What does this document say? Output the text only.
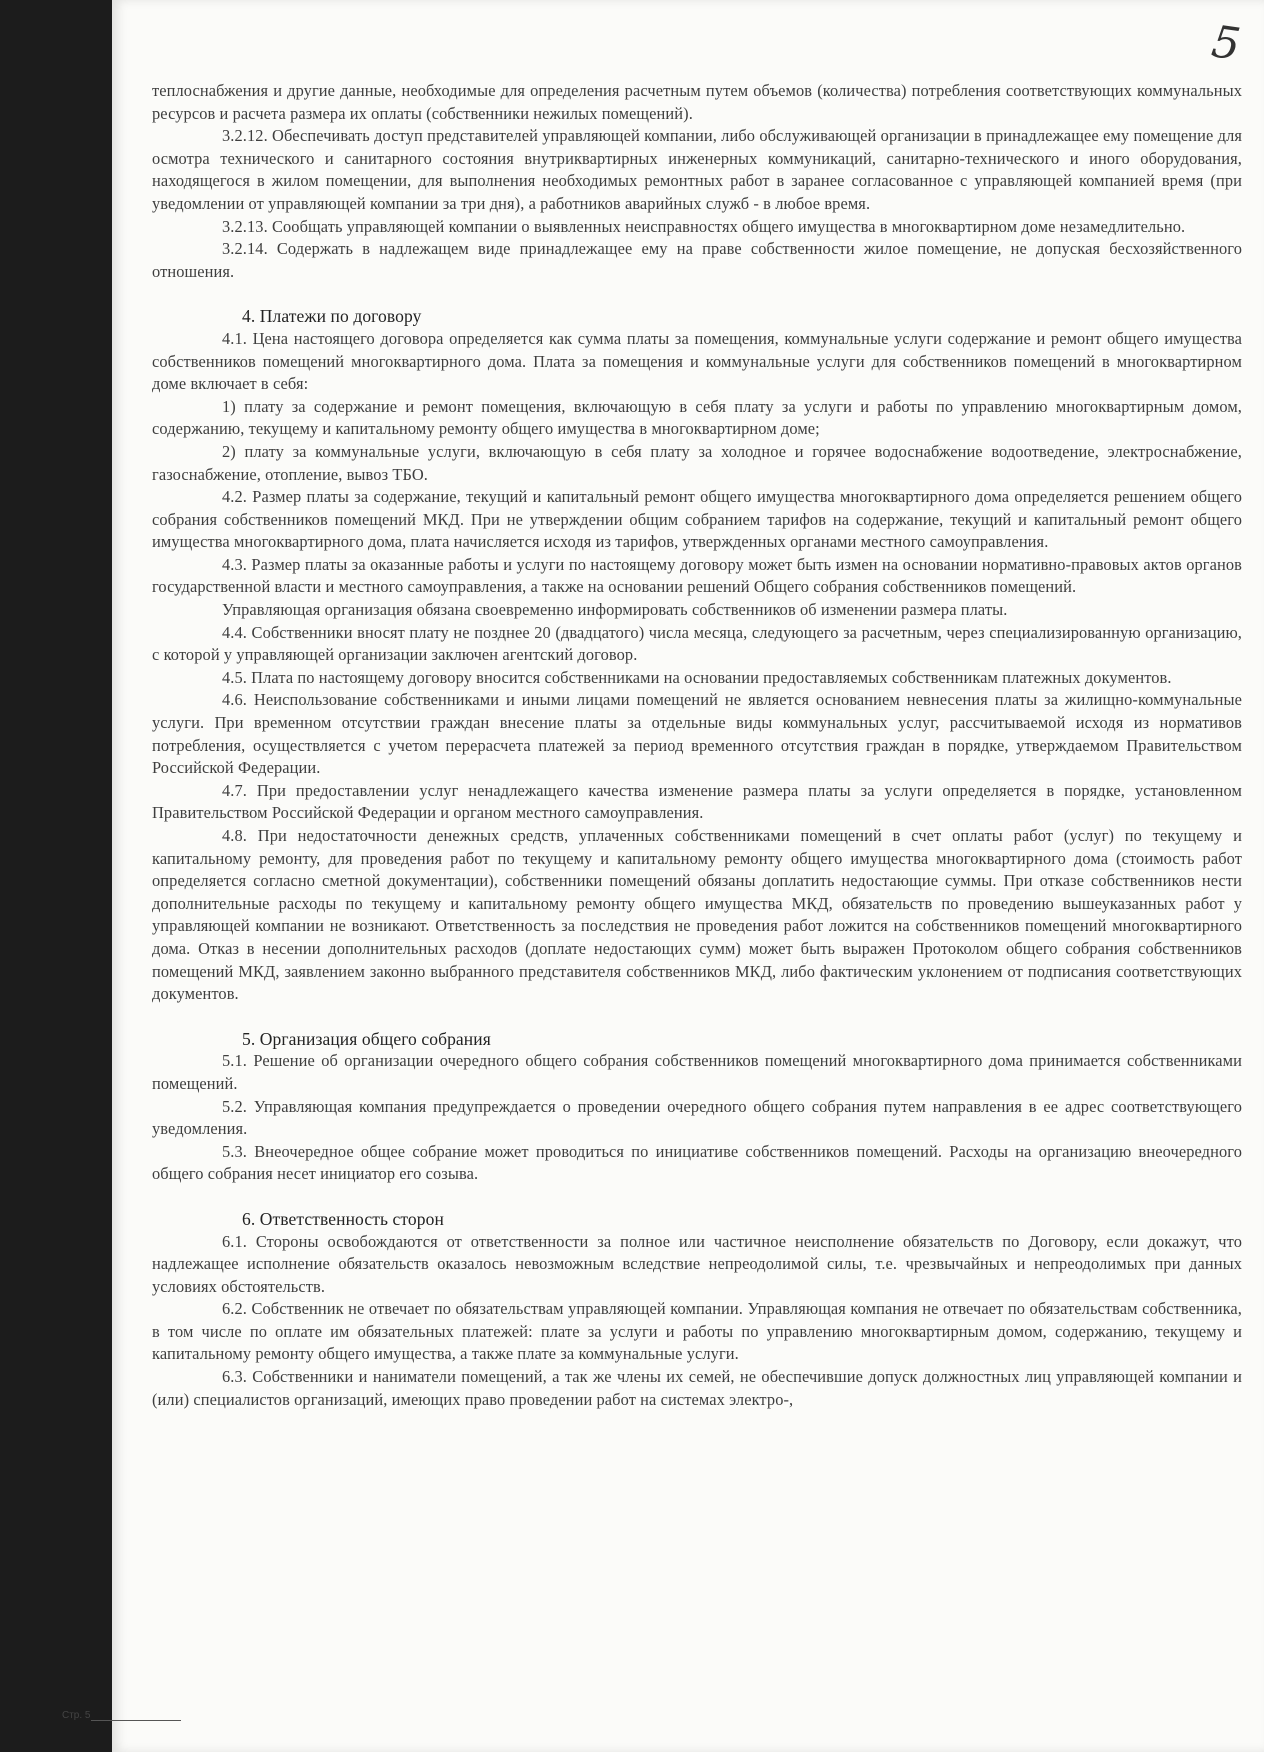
5

теплоснабжения и другие данные, необходимые для определения расчетным путем объемов (количества) потребления соответствующих коммунальных ресурсов и расчета размера их оплаты (собственники нежилых помещений).

3.2.12. Обеспечивать доступ представителей управляющей компании, либо обслуживающей организации в принадлежащее ему помещение для осмотра технического и санитарного состояния внутриквартирных инженерных коммуникаций, санитарно-технического и иного оборудования, находящегося в жилом помещении, для выполнения необходимых ремонтных работ в заранее согласованное с управляющей компанией время (при уведомлении от управляющей компании за три дня), а работников аварийных служб - в любое время.

3.2.13. Сообщать управляющей компании о выявленных неисправностях общего имущества в многоквартирном доме незамедлительно.

3.2.14. Содержать в надлежащем виде принадлежащее ему на праве собственности жилое помещение, не допуская бесхозяйственного отношения.

4. Платежи по договору

4.1. Цена настоящего договора определяется как сумма платы за помещения, коммунальные услуги содержание и ремонт общего имущества собственников помещений многоквартирного дома. Плата за помещения и коммунальные услуги для собственников помещений в многоквартирном доме включает в себя:

1) плату за содержание и ремонт помещения, включающую в себя плату за услуги и работы по управлению многоквартирным домом, содержанию, текущему и капитальному ремонту общего имущества в многоквартирном доме;

2) плату за коммунальные услуги, включающую в себя плату за холодное и горячее водоснабжение водоотведение, электроснабжение, газоснабжение, отопление, вывоз ТБО.

4.2. Размер платы за содержание, текущий и капитальный ремонт общего имущества многоквартирного дома определяется решением общего собрания собственников помещений МКД. При не утверждении общим собранием тарифов на содержание, текущий и капитальный ремонт общего имущества многоквартирного дома, плата начисляется исходя из тарифов, утвержденных органами местного самоуправления.

4.3. Размер платы за оказанные работы и услуги по настоящему договору может быть измен на основании нормативно-правовых актов органов государственной власти и местного самоуправления, а также на основании решений Общего собрания собственников помещений.

Управляющая организация обязана своевременно информировать собственников об изменении размера платы.

4.4. Собственники вносят плату не позднее 20 (двадцатого) числа месяца, следующего за расчетным, через специализированную организацию, с которой у управляющей организации заключен агентский договор.

4.5. Плата по настоящему договору вносится собственниками на основании предоставляемых собственникам платежных документов.

4.6. Неиспользование собственниками и иными лицами помещений не является основанием невнесения платы за жилищно-коммунальные услуги. При временном отсутствии граждан внесение платы за отдельные виды коммунальных услуг, рассчитываемой исходя из нормативов потребления, осуществляется с учетом перерасчета платежей за период временного отсутствия граждан в порядке, утверждаемом Правительством Российской Федерации.

4.7. При предоставлении услуг ненадлежащего качества изменение размера платы за услуги определяется в порядке, установленном Правительством Российской Федерации и органом местного самоуправления.

4.8. При недостаточности денежных средств, уплаченных собственниками помещений в счет оплаты работ (услуг) по текущему и капитальному ремонту, для проведения работ по текущему и капитальному ремонту общего имущества многоквартирного дома (стоимость работ определяется согласно сметной документации), собственники помещений обязаны доплатить недостающие суммы. При отказе собственников нести дополнительные расходы по текущему и капитальному ремонту общего имущества МКД, обязательств по проведению вышеуказанных работ у управляющей компании не возникают. Ответственность за последствия не проведения работ ложится на собственников помещений многоквартирного дома. Отказ в несении дополнительных расходов (доплате недостающих сумм) может быть выражен Протоколом общего собрания собственников помещений МКД, заявлением законно выбранного представителя собственников МКД, либо фактическим уклонением от подписания соответствующих документов.

5. Организация общего собрания

5.1. Решение об организации очередного общего собрания собственников помещений многоквартирного дома принимается собственниками помещений.

5.2. Управляющая компания предупреждается о проведении очередного общего собрания путем направления в ее адрес соответствующего уведомления.

5.3. Внеочередное общее собрание может проводиться по инициативе собственников помещений. Расходы на организацию внеочередного общего собрания несет инициатор его созыва.

6. Ответственность сторон

6.1. Стороны освобождаются от ответственности за полное или частичное неисполнение обязательств по Договору, если докажут, что надлежащее исполнение обязательств оказалось невозможным вследствие непреодолимой силы, т.е. чрезвычайных и непреодолимых при данных условиях обстоятельств.

6.2. Собственник не отвечает по обязательствам управляющей компании. Управляющая компания не отвечает по обязательствам собственника, в том числе по оплате им обязательных платежей: плате за услуги и работы по управлению многоквартирным домом, содержанию, текущему и капитальному ремонту общего имущества, а также плате за коммунальные услуги.

6.3. Собственники и наниматели помещений, а так же члены их семей, не обеспечившие допуск должностных лиц управляющей компании и (или) специалистов организаций, имеющих право проведении работ на системах электро-,

Стр. 5
